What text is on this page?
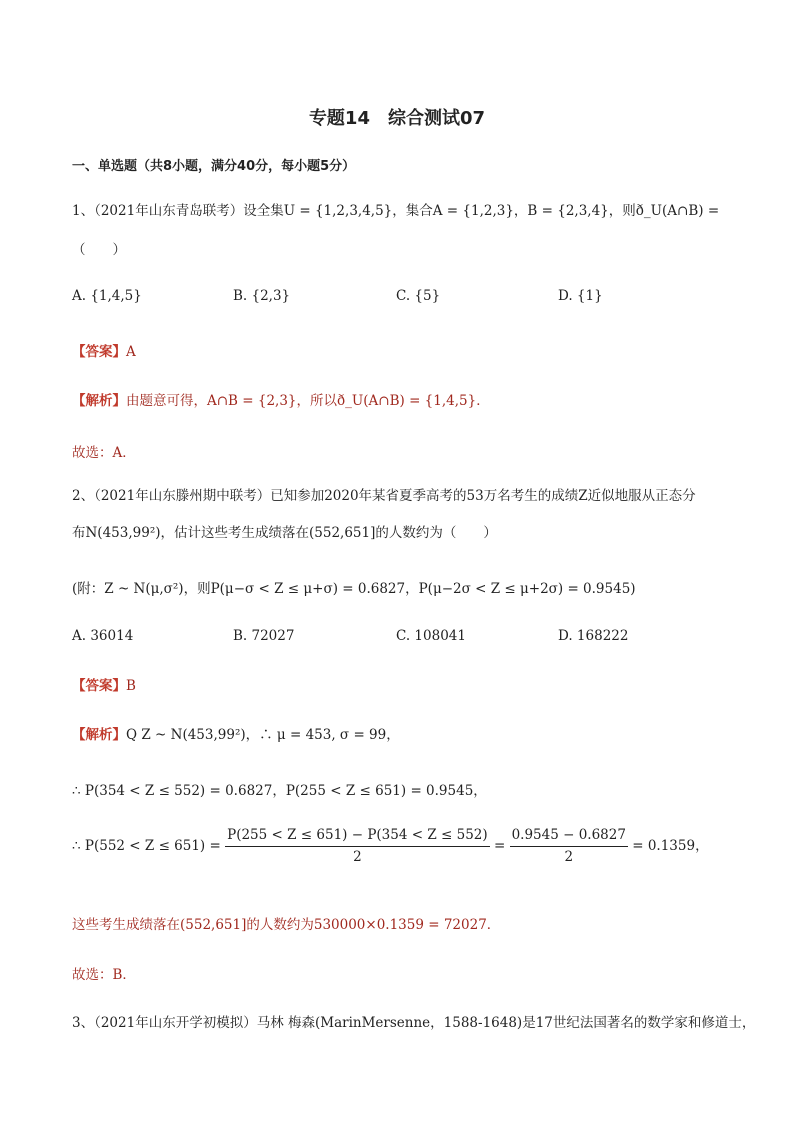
专题14　综合测试07
一、单选题（共8小题，满分40分，每小题5分）
1、（2021年山东青岛联考）设全集U = {1,2,3,4,5}，集合A = {1,2,3}，B = {2,3,4}，则ð_U(A∩B) =
（　　）
A. {1,4,5}	B. {2,3}	C. {5}	D. {1}
【答案】A
【解析】由题意可得，A∩B = {2,3}，所以ð_U(A∩B) = {1,4,5}．
故选：A．
2、（2021年山东滕州期中联考）已知参加2020年某省夏季高考的53万名考生的成绩Z近似地服从正态分
布N(453,99²)，估计这些考生成绩落在(552,651]的人数约为（　　）
(附：Z ~ N(μ,σ²)，则P(μ−σ < Z ≤ μ+σ) = 0.6827，P(μ−2σ < Z ≤ μ+2σ) = 0.9545)
A. 36014	B. 72027	C. 108041	D. 168222
【答案】B
【解析】Q Z ~ N(453,99²)，∴ μ = 453, σ = 99，
∴ P(354 < Z ≤ 552) = 0.6827，P(255 < Z ≤ 651) = 0.9545，
∴ $P(552 < Z \le 651) = \frac{P(255 < Z \le 651) - P(354 < Z \le 552)}{2} = \frac{0.9545 - 0.6827}{2} = 0.1359$，
这些考生成绩落在(552,651]的人数约为530000×0.1359 = 72027．
故选：B．
3、（2021年山东开学初模拟）马林 梅森(MarinMersenne，1588-1648)是17世纪法国著名的数学家和修道士，
